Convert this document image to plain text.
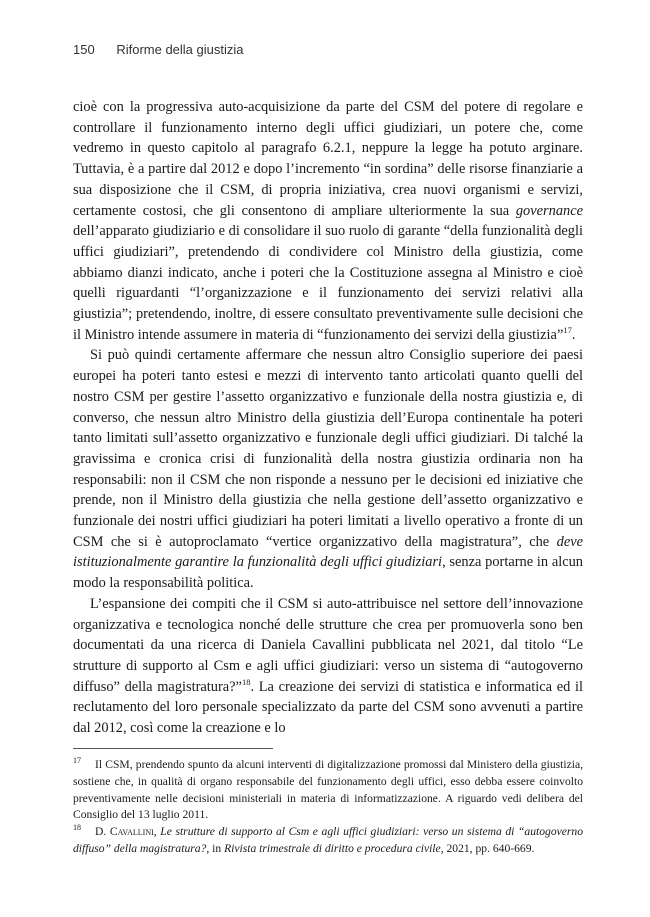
150 Riforme della giustizia

cioè con la progressiva auto-acquisizione da parte del CSM del potere di regolare e controllare il funzionamento interno degli uffici giudiziari, un potere che, come vedremo in questo capitolo al paragrafo 6.2.1, neppure la legge ha potuto arginare. Tuttavia, è a partire dal 2012 e dopo l’incremento “in sordina” delle risorse finanziarie a sua disposizione che il CSM, di propria iniziativa, crea nuovi organismi e servizi, certamente costosi, che gli consentono di ampliare ulteriormente la sua governance dell’apparato giudiziario e di consolidare il suo ruolo di garante “della funzionalità degli uffici giudiziari”, pretendendo di condividere col Ministro della giustizia, come abbiamo dianzi indicato, anche i poteri che la Costituzione assegna al Ministro e cioè quelli riguardanti “l’organizzazione e il funzionamento dei servizi relativi alla giustizia”; pretendendo, inoltre, di essere consultato preventivamente sulle decisioni che il Ministro intende assumere in materia di “funzionamento dei servizi della giustizia”$^{17}$.

Si può quindi certamente affermare che nessun altro Consiglio superiore dei paesi europei ha poteri tanto estesi e mezzi di intervento tanto articolati quanto quelli del nostro CSM per gestire l’assetto organizzativo e funzionale della nostra giustizia e, di converso, che nessun altro Ministro della giustizia dell’Europa continentale ha poteri tanto limitati sull’assetto organizzativo e funzionale degli uffici giudiziari. Di talché la gravissima e cronica crisi di funzionalità della nostra giustizia ordinaria non ha responsabili: non il CSM che non risponde a nessuno per le decisioni ed iniziative che prende, non il Ministro della giustizia che nella gestione dell’assetto organizzativo e funzionale dei nostri uffici giudiziari ha poteri limitati a livello operativo a fronte di un CSM che si è autoproclamato “vertice organizzativo della magistratura”, che deve istituzionalmente garantire la funzionalità degli uffici giudiziari, senza portarne in alcun modo la responsabilità politica.

L’espansione dei compiti che il CSM si auto-attribuisce nel settore dell’innovazione organizzativa e tecnologica nonché delle strutture che crea per promuoverla sono ben documentati da una ricerca di Daniela Cavallini pubblicata nel 2021, dal titolo “Le strutture di supporto al Csm e agli uffici giudiziari: verso un sistema di “autogoverno diffuso” della magistratura?”$^{18}$. La creazione dei servizi di statistica e informatica ed il reclutamento del loro personale specializzato da parte del CSM sono avvenuti a partire dal 2012, così come la creazione e lo

$^{17}$ Il CSM, prendendo spunto da alcuni interventi di digitalizzazione promossi dal Ministero della giustizia, sostiene che, in qualità di organo responsabile del funzionamento degli uffici, esso debba essere coinvolto preventivamente nelle decisioni ministeriali in materia di informatizzazione. A riguardo vedi delibera del Consiglio del 13 luglio 2011.

$^{18}$ D. Cavallini, Le strutture di supporto al Csm e agli uffici giudiziari: verso un sistema di “autogoverno diffuso” della magistratura?, in Rivista trimestrale di diritto e procedura civile, 2021, pp. 640-669.
